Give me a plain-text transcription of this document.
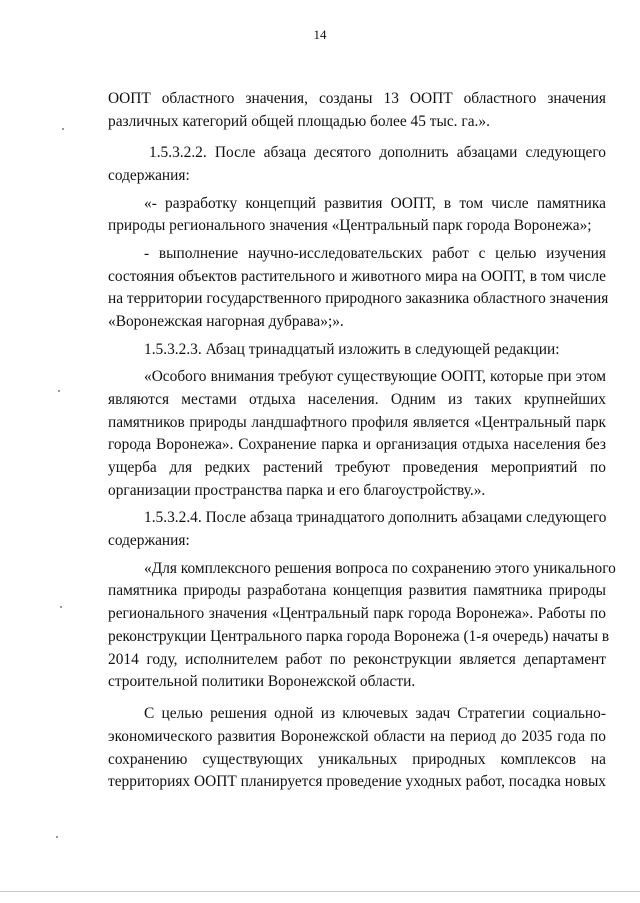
14
ООПТ областного значения, созданы 13 ООПТ областного значения
различных категорий общей площадью более 45 тыс. га.».
1.5.3.2.2. После абзаца десятого дополнить абзацами следующего
содержания:
«- разработку концепций развития ООПТ, в том числе памятника
природы регионального значения «Центральный парк города Воронежа»;
- выполнение научно-исследовательских работ с целью изучения
состояния объектов растительного и животного мира на ООПТ, в том числе
на территории государственного природного заказника областного значения
«Воронежская нагорная дубрава»;».
1.5.3.2.3. Абзац тринадцатый изложить в следующей редакции:
«Особого внимания требуют существующие ООПТ, которые при этом
являются местами отдыха населения. Одним из таких крупнейших
памятников природы ландшафтного профиля является «Центральный парк
города Воронежа». Сохранение парка и организация отдыха населения без
ущерба для редких растений требуют проведения мероприятий по
организации пространства парка и его благоустройству.».
1.5.3.2.4. После абзаца тринадцатого дополнить абзацами следующего
содержания:
«Для комплексного решения вопроса по сохранению этого уникального
памятника природы разработана концепция развития памятника природы
регионального значения «Центральный парк города Воронежа». Работы по
реконструкции Центрального парка города Воронежа (1-я очередь) начаты в
2014 году, исполнителем работ по реконструкции является департамент
строительной политики Воронежской области.
С целью решения одной из ключевых задач Стратегии социально-
экономического развития Воронежской области на период до 2035 года по
сохранению существующих уникальных природных комплексов на
территориях ООПТ планируется проведение уходных работ, посадка новых
